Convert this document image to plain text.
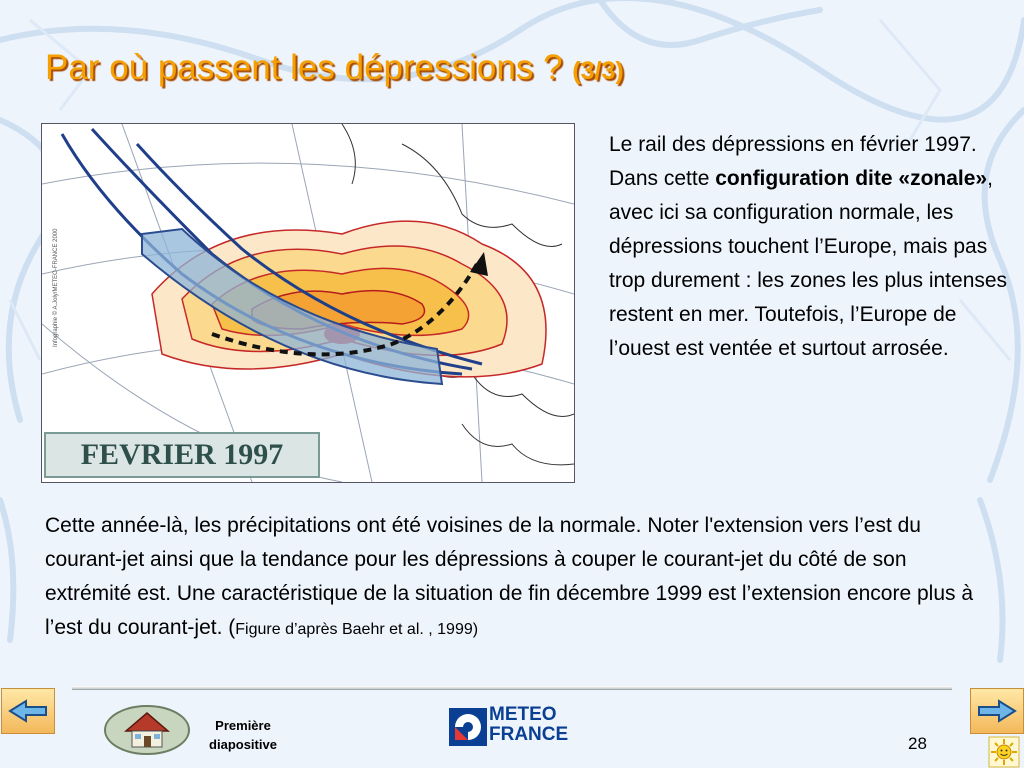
Par où passent les dépressions ? (3/3)
Infographie © A.Joly/METEO-FRANCE 2000
FEVRIER 1997
Le rail des dépressions en février 1997. Dans cette configuration dite «zonale», avec ici sa configuration normale, les dépressions touchent l’Europe, mais pas trop durement : les zones les plus intenses restent en mer. Toutefois, l’Europe de l’ouest est ventée et surtout arrosée.
Cette année-là, les précipitations ont été voisines de la normale. Noter l'extension vers l’est du courant-jet ainsi que la tendance pour les dépressions à couper le courant-jet du côté de son extrémité est. Une caractéristique de la situation de fin décembre 1999 est l’extension encore plus à l’est du courant-jet. (Figure d’après Baehr et al. , 1999)
Première diapositive
METEO
FRANCE	28
